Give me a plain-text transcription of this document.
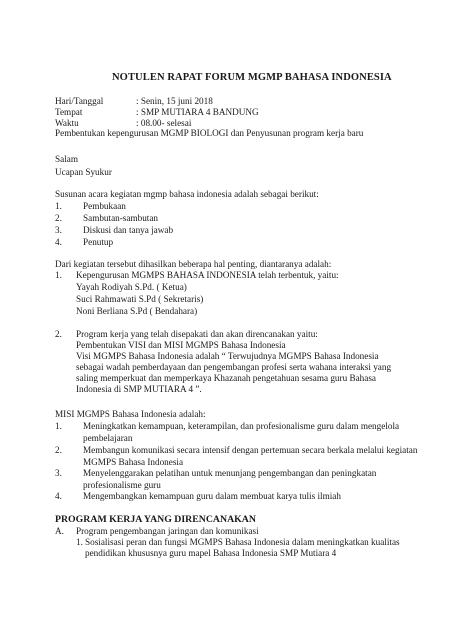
NOTULEN RAPAT FORUM MGMP BAHASA INDONESIA
Hari/Tanggal	: Senin, 15 juni 2018
Tempat	: SMP MUTIARA 4 BANDUNG
Waktu	: 08.00- selesai
Pembentukan kepengurusan MGMP BIOLOGI dan Penyusunan program kerja baru
Salam
Ucapan Syukur
Susunan acara kegiatan mgmp bahasa indonesia adalah sebagai berikut:
1. Pembukaan
2. Sambutan-sambutan
3. Diskusi dan tanya jawab
4. Penutup
Dari kegiatan tersebut dihasilkan beberapa hal penting, diantaranya adalah:
1. Kepengurusan MGMPS BAHASA INDONESIA telah terbentuk, yaitu:
Yayah Rodiyah S.Pd. ( Ketua)
Suci Rahmawati S.Pd ( Sekretaris)
Noni Berliana S.Pd ( Bendahara)
2. Program kerja yang telah disepakati dan akan direncanakan yaitu:
Pembentukan VISI dan MISI MGMPS Bahasa Indonesia
Visi MGMPS Bahasa Indonesia adalah “ Terwujudnya MGMPS Bahasa Indonesia
sebagai wadah pemberdayaan dan pengembangan profesi serta wahana interaksi yang
saling memperkuat dan memperkaya Khazanah pengetahuan sesama guru Bahasa
Indonesia di SMP MUTIARA 4 ”.
MISI MGMPS Bahasa Indonesia adalah:
1. Meningkatkan kemampuan, keterampilan, dan profesionalisme guru dalam mengelola
pembelajaran
2. Membangun komunikasi secara intensif dengan pertemuan secara berkala melalui kegiatan
MGMPS Bahasa Indonesia
3. Menyelenggarakan pelatihan untuk menunjang pengembangan dan peningkatan
profesionalisme guru
4. Mengembangkan kemampuan guru dalam membuat karya tulis ilmiah
PROGRAM KERJA YANG DIRENCANAKAN
A. Program pengembangan jaringan dan komunikasi
1. Sosialisasi peran dan fungsi MGMPS Bahasa Indonesia dalam meningkatkan kualitas
pendidikan khususnya guru mapel Bahasa Indonesia SMP Mutiara 4
